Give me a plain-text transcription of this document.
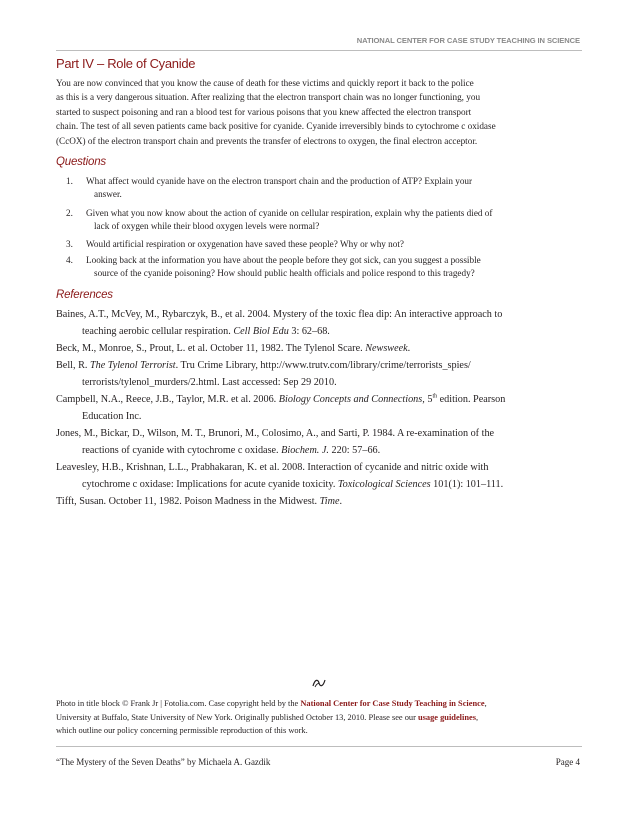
NATIONAL CENTER FOR CASE STUDY TEACHING IN SCIENCE
Part IV – Role of Cyanide

You are now convinced that you know the cause of death for these victims and quickly report it back to the police
as this is a very dangerous situation. After realizing that the electron transport chain was no longer functioning, you
started to suspect poisoning and ran a blood test for various poisons that you knew affected the electron transport
chain. The test of all seven patients came back positive for cyanide. Cyanide irreversibly binds to cytochrome c oxidase
(CcOX) of the electron transport chain and prevents the transfer of electrons to oxygen, the final electron acceptor.

Questions
1.	What affect would cyanide have on the electron transport chain and the production of ATP? Explain your
answer.
2.	Given what you now know about the action of cyanide on cellular respiration, explain why the patients died of
lack of oxygen while their blood oxygen levels were normal?
3.	Would artificial respiration or oxygenation have saved these people? Why or why not?
4.	Looking back at the information you have about the people before they got sick, can you suggest a possible
source of the cyanide poisoning? How should public health officials and police respond to this tragedy?
References
Baines, A.T., McVey, M., Rybarczyk, B., et al. 2004. Mystery of the toxic flea dip: An interactive approach to
teaching aerobic cellular respiration. Cell Biol Edu 3: 62–68.
Beck, M., Monroe, S., Prout, L. et al. October 11, 1982. The Tylenol Scare. Newsweek.
Bell, R. The Tylenol Terrorist. Tru Crime Library, http://www.trutv.com/library/crime/terrorists_spies/
terrorists/tylenol_murders/2.html. Last accessed: Sep 29 2010.
Campbell, N.A., Reece, J.B., Taylor, M.R. et al. 2006. Biology Concepts and Connections, 5th edition. Pearson
Education Inc.
Jones, M., Bickar, D., Wilson, M. T., Brunori, M., Colosimo, A., and Sarti, P. 1984. A re-examination of the
reactions of cyanide with cytochrome c oxidase. Biochem. J. 220: 57–66.
Leavesley, H.B., Krishnan, L.L., Prabhakaran, K. et al. 2008. Interaction of cycanide and nitric oxide with
cytochrome c oxidase: Implications for acute cyanide toxicity. Toxicological Sciences 101(1): 101–111.
Tifft, Susan. October 11, 1982. Poison Madness in the Midwest. Time.
Photo in title block © Frank Jr | Fotolia.com. Case copyright held by the National Center for Case Study Teaching in Science,
University at Buffalo, State University of New York. Originally published October 13, 2010. Please see our usage guidelines,
which outline our policy concerning permissible reproduction of this work.
“The Mystery of the Seven Deaths” by Michaela A. Gazdik	Page 4
